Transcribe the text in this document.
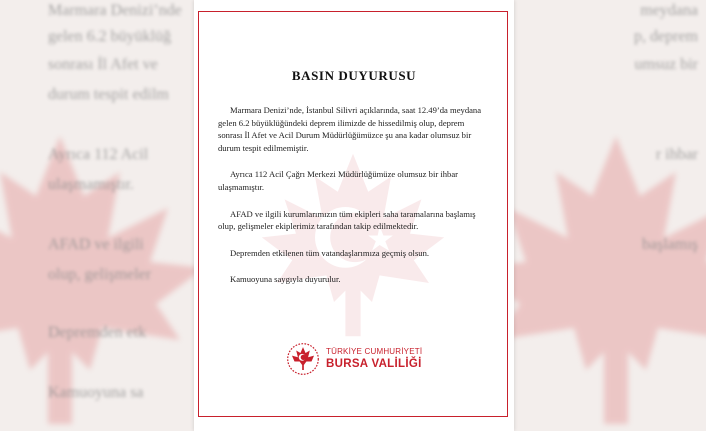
Marmara Denizi’nde
gelen 6.2 büyüklüğ
sonrası İl Afet ve
durum tespit edilm
Ayrıca 112 Acil
ulaşmamıştır.
AFAD ve ilgili
olup, gelişmeler
Depremden etk
Kamuoyuna sa
meydana
p, deprem
umsuz bir
r ihbar
başlamış
BASIN DUYURUSU

Marmara Denizi’nde, İstanbul Silivri açıklarında, saat 12.49’da meydana gelen 6.2 büyüklüğündeki deprem ilimizde de hissedilmiş olup, deprem sonrası İl Afet ve Acil Durum Müdürlüğümüzce şu ana kadar olumsuz bir durum tespit edilmemiştir.

Ayrıca 112 Acil Çağrı Merkezi Müdürlüğümüze olumsuz bir ihbar ulaşmamıştır.

AFAD ve ilgili kurumlarımızın tüm ekipleri saha taramalarına başlamış olup, gelişmeler ekiplerimiz tarafından takip edilmektedir.

Depremden etkilenen tüm vatandaşlarımıza geçmiş olsun.

Kamuoyuna saygıyla duyurulur.

TÜRKİYE CUMHURİYETİ
BURSA VALİLİĞİ
